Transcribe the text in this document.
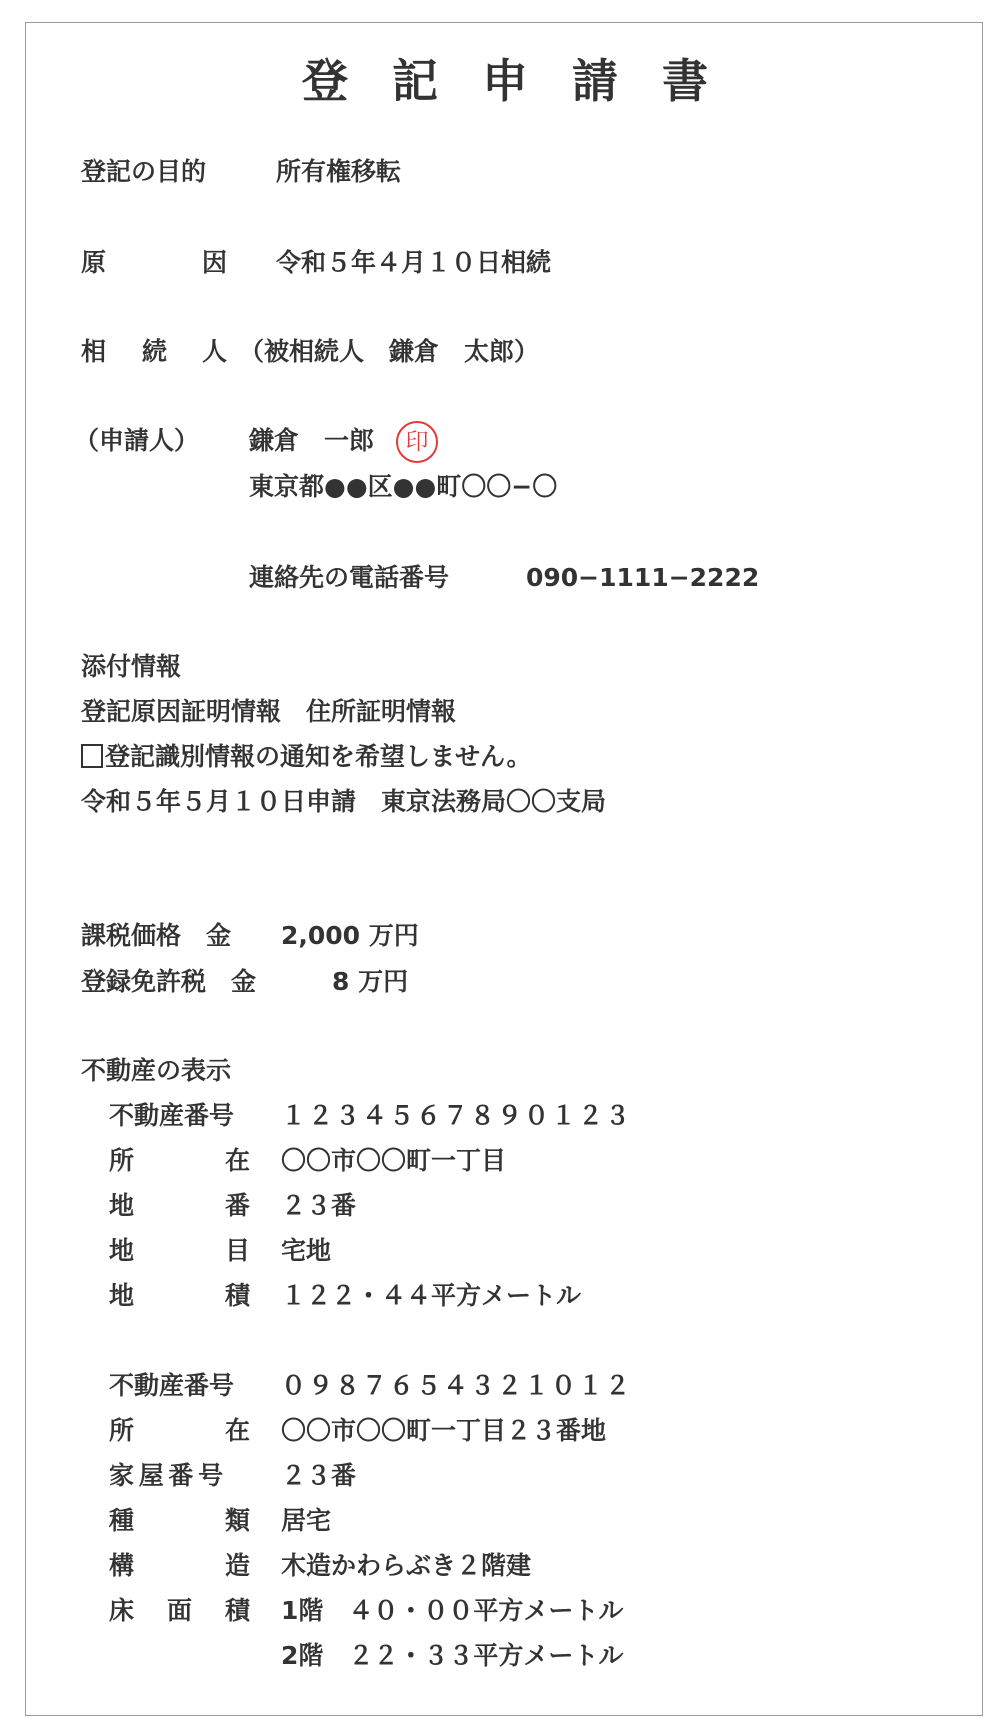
登記申請書
登記の目的	所有権移転
原	因 令和５年４月１０日相続
相 続 人 （被相続人　鎌倉　太郎）
（申請人） 鎌倉　一郎	印
東京都●●区●●町〇〇−〇
連絡先の電話番号	090−1111−2222
添付情報
登記原因証明情報　住所証明情報
登記識別情報の通知を希望しません。
令和５年５月１０日申請　東京法務局〇〇支局
課税価格　金 2,000 万円
登録免許税　金	8 万円
不動産の表示
不動産番号 １２３４５６７８９０１２３
所	在 〇〇市〇〇町一丁目
地	番 ２３番
地	目 宅地
地	積 １２２・４４平方メートル
不動産番号 ０９８７６５４３２１０１２
所	在 〇〇市〇〇町一丁目２３番地
家 屋 番 号 ２３番
種	類 居宅
構	造 木造かわらぶき２階建
床 面 積 1階　４０・００平方メートル
2階　２２・３３平方メートル
